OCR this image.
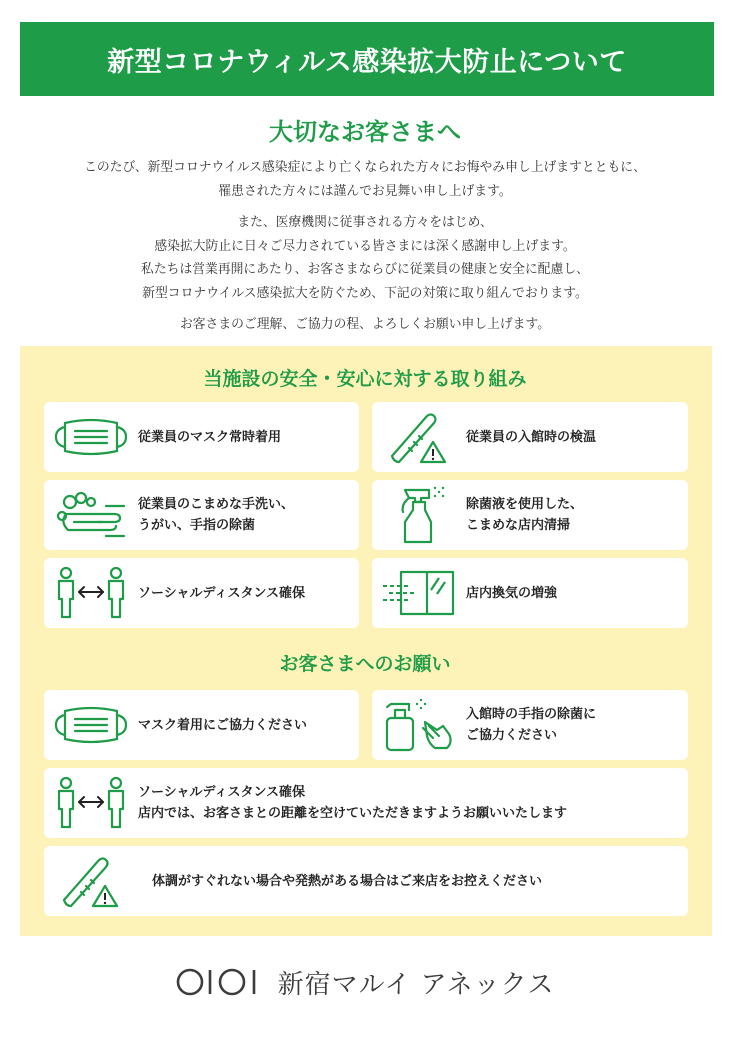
新型コロナウィルス感染拡大防止について
大切なお客さまへ

このたび、新型コロナウイルス感染症により亡くなられた方々にお悔やみ申し上げますとともに、
罹患された方々には謹んでお見舞い申し上げます。

また、医療機関に従事される方々をはじめ、
感染拡大防止に日々ご尽力されている皆さまには深く感謝申し上げます。
私たちは営業再開にあたり、お客さまならびに従業員の健康と安全に配慮し、
新型コロナウイルス感染拡大を防ぐため、下記の対策に取り組んでおります。

お客さまのご理解、ご協力の程、よろしくお願い申し上げます。

当施設の安全・安心に対する取り組み
従業員のマスク常時着用	従業員の入館時の検温
従業員のこまめな手洗い、
うがい、手指の除菌
除菌液を使用した、
こまめな店内清掃
ソーシャルディスタンス確保	店内換気の増強
お客さまへのお願い
マスク着用にご協力ください
入館時の手指の除菌に
ご協力ください
ソーシャルディスタンス確保
店内では、お客さまとの距離を空けていただきますようお願いいたします
体調がすぐれない場合や発熱がある場合はご来店をお控えください
新宿マルイ アネックス
